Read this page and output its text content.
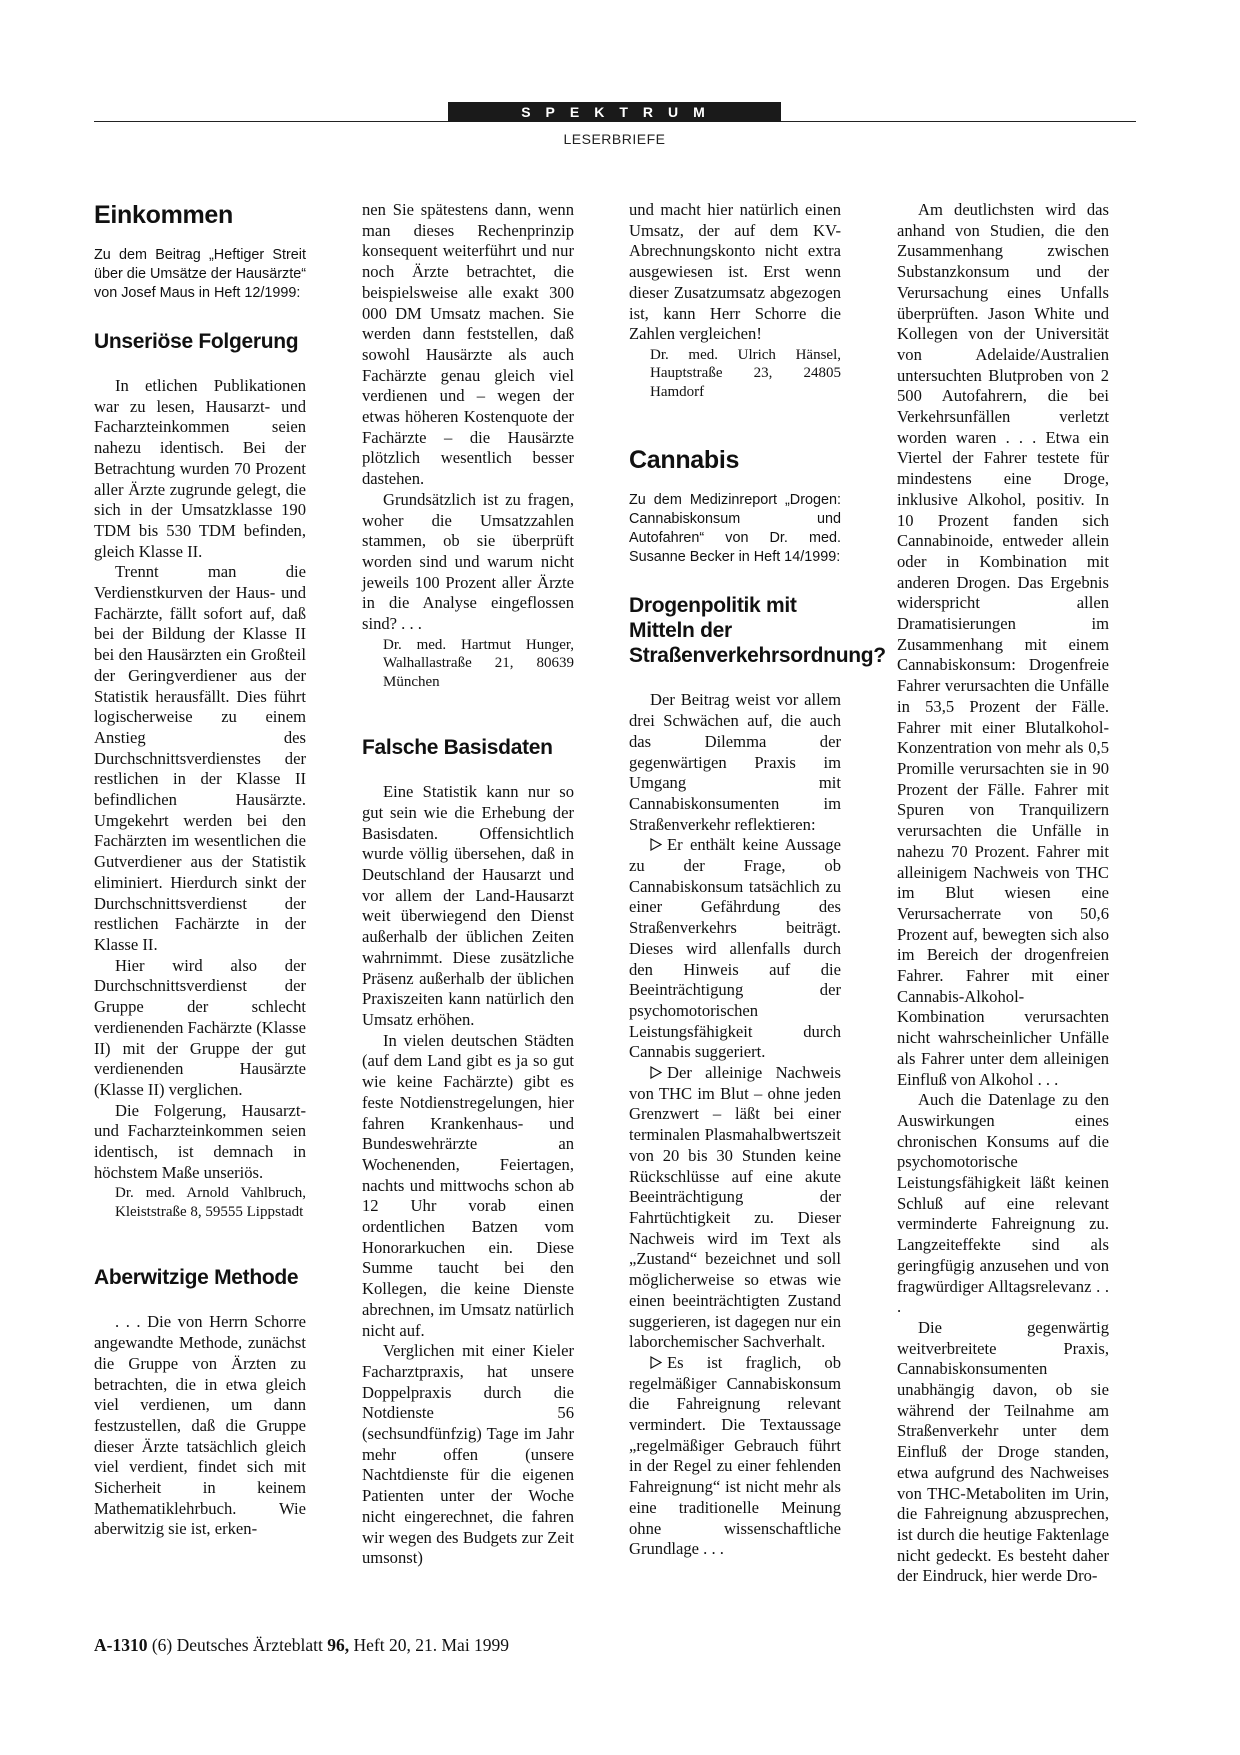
SPEKTRUM
LESERBRIEFE
Einkommen
Zu dem Beitrag „Heftiger Streit über die Umsätze der Hausärzte“ von Josef Maus in Heft 12/1999:
Unseriöse Folgerung

In etlichen Publikationen war zu lesen, Hausarzt- und Facharzteinkommen seien nahezu identisch. Bei der Betrachtung wurden 70 Prozent aller Ärzte zugrunde gelegt, die sich in der Umsatzklasse 190 TDM bis 530 TDM befinden, gleich Klasse II.

Trennt man die Verdienstkurven der Haus- und Fachärzte, fällt sofort auf, daß bei der Bildung der Klasse II bei den Hausärzten ein Großteil der Geringverdiener aus der Statistik herausfällt. Dies führt logischerweise zu einem Anstieg des Durchschnittsverdienstes der restlichen in der Klasse II befindlichen Hausärzte. Umgekehrt werden bei den Fachärzten im wesentlichen die Gutverdiener aus der Statistik eliminiert. Hierdurch sinkt der Durchschnittsverdienst der restlichen Fachärzte in der Klasse II.

Hier wird also der Durchschnittsverdienst der Gruppe der schlecht verdienenden Fachärzte (Klasse II) mit der Gruppe der gut verdienenden Hausärzte (Klasse II) verglichen.

Die Folgerung, Hausarzt- und Facharzteinkommen seien identisch, ist demnach in höchstem Maße unseriös.

Dr. med. Arnold Vahlbruch, Kleiststraße 8, 59555 Lippstadt

Aberwitzige Methode

. . . Die von Herrn Schorre angewandte Methode, zunächst die Gruppe von Ärzten zu betrachten, die in etwa gleich viel verdienen, um dann festzustellen, daß die Gruppe dieser Ärzte tatsächlich gleich viel verdient, findet sich mit Sicherheit in keinem Mathematiklehrbuch. Wie aberwitzig sie ist, erken-

nen Sie spätestens dann, wenn man dieses Rechenprinzip konsequent weiterführt und nur noch Ärzte betrachtet, die beispielsweise alle exakt 300 000 DM Umsatz machen. Sie werden dann feststellen, daß sowohl Hausärzte als auch Fachärzte genau gleich viel verdienen und – wegen der etwas höheren Kostenquote der Fachärzte – die Hausärzte plötzlich wesentlich besser dastehen.

Grundsätzlich ist zu fragen, woher die Umsatzzahlen stammen, ob sie überprüft worden sind und warum nicht jeweils 100 Prozent aller Ärzte in die Analyse eingeflossen sind? . . .

Dr. med. Hartmut Hunger, Walhallastraße 21, 80639 München

Falsche Basisdaten

Eine Statistik kann nur so gut sein wie die Erhebung der Basisdaten. Offensichtlich wurde völlig übersehen, daß in Deutschland der Hausarzt und vor allem der Land-Hausarzt weit überwiegend den Dienst außerhalb der üblichen Zeiten wahrnimmt. Diese zusätzliche Präsenz außerhalb der üblichen Praxiszeiten kann natürlich den Umsatz erhöhen.

In vielen deutschen Städten (auf dem Land gibt es ja so gut wie keine Fachärzte) gibt es feste Notdienstregelungen, hier fahren Krankenhaus- und Bundeswehrärzte an Wochenenden, Feiertagen, nachts und mittwochs schon ab 12 Uhr vorab einen ordentlichen Batzen vom Honorarkuchen ein. Diese Summe taucht bei den Kollegen, die keine Dienste abrechnen, im Umsatz natürlich nicht auf.

Verglichen mit einer Kieler Facharztpraxis, hat unsere Doppelpraxis durch die Notdienste 56 (sechsundfünfzig) Tage im Jahr mehr offen (unsere Nachtdienste für die eigenen Patienten unter der Woche nicht eingerechnet, die fahren wir wegen des Budgets zur Zeit umsonst)

und macht hier natürlich einen Umsatz, der auf dem KV-Abrechnungskonto nicht extra ausgewiesen ist. Erst wenn dieser Zusatzumsatz abgezogen ist, kann Herr Schorre die Zahlen vergleichen!

Dr. med. Ulrich Hänsel, Hauptstraße 23, 24805 Hamdorf

Cannabis
Zu dem Medizinreport „Drogen: Cannabiskonsum und Autofahren“ von Dr. med. Susanne Becker in Heft 14/1999:
Drogenpolitik mit Mitteln der Straßenverkehrsordnung?

Der Beitrag weist vor allem drei Schwächen auf, die auch das Dilemma der gegenwärtigen Praxis im Umgang mit Cannabiskonsumenten im Straßenverkehr reflektieren:

Er enthält keine Aussage zu der Frage, ob Cannabiskonsum tatsächlich zu einer Gefährdung des Straßenverkehrs beiträgt. Dieses wird allenfalls durch den Hinweis auf die Beeinträchtigung der psychomotorischen Leistungsfähigkeit durch Cannabis suggeriert.

Der alleinige Nachweis von THC im Blut – ohne jeden Grenzwert – läßt bei einer terminalen Plasmahalbwertszeit von 20 bis 30 Stunden keine Rückschlüsse auf eine akute Beeinträchtigung der Fahrtüchtigkeit zu. Dieser Nachweis wird im Text als „Zustand“ bezeichnet und soll möglicherweise so etwas wie einen beeinträchtigten Zustand suggerieren, ist dagegen nur ein laborchemischer Sachverhalt.

Es ist fraglich, ob regelmäßiger Cannabiskonsum die Fahreignung relevant vermindert. Die Textaussage „regelmäßiger Gebrauch führt in der Regel zu einer fehlenden Fahreignung“ ist nicht mehr als eine traditionelle Meinung ohne wissenschaftliche Grundlage . . .

Am deutlichsten wird das anhand von Studien, die den Zusammenhang zwischen Substanzkonsum und der Verursachung eines Unfalls überprüften. Jason White und Kollegen von der Universität von Adelaide/Australien untersuchten Blutproben von 2 500 Autofahrern, die bei Verkehrsunfällen verletzt worden waren . . . Etwa ein Viertel der Fahrer testete für mindestens eine Droge, inklusive Alkohol, positiv. In 10 Prozent fanden sich Cannabinoide, entweder allein oder in Kombination mit anderen Drogen. Das Ergebnis widerspricht allen Dramatisierungen im Zusammenhang mit einem Cannabiskonsum: Drogenfreie Fahrer verursachten die Unfälle in 53,5 Prozent der Fälle. Fahrer mit einer Blutalkohol-Konzentration von mehr als 0,5 Promille verursachten sie in 90 Prozent der Fälle. Fahrer mit Spuren von Tranquilizern verursachten die Unfälle in nahezu 70 Prozent. Fahrer mit alleinigem Nachweis von THC im Blut wiesen eine Verursacherrate von 50,6 Prozent auf, bewegten sich also im Bereich der drogenfreien Fahrer. Fahrer mit einer Cannabis-Alkohol-Kombination verursachten nicht wahrscheinlicher Unfälle als Fahrer unter dem alleinigen Einfluß von Alkohol . . .

Auch die Datenlage zu den Auswirkungen eines chronischen Konsums auf die psychomotorische Leistungsfähigkeit läßt keinen Schluß auf eine relevant verminderte Fahreignung zu. Langzeiteffekte sind als geringfügig anzusehen und von fragwürdiger Alltagsrelevanz . . .

Die gegenwärtig weitverbreitete Praxis, Cannabiskonsumenten unabhängig davon, ob sie während der Teilnahme am Straßenverkehr unter dem Einfluß der Droge standen, etwa aufgrund des Nachweises von THC-Metaboliten im Urin, die Fahreignung abzusprechen, ist durch die heutige Faktenlage nicht gedeckt. Es besteht daher der Eindruck, hier werde Dro-

A-1310 (6) Deutsches Ärzteblatt 96, Heft 20, 21. Mai 1999
